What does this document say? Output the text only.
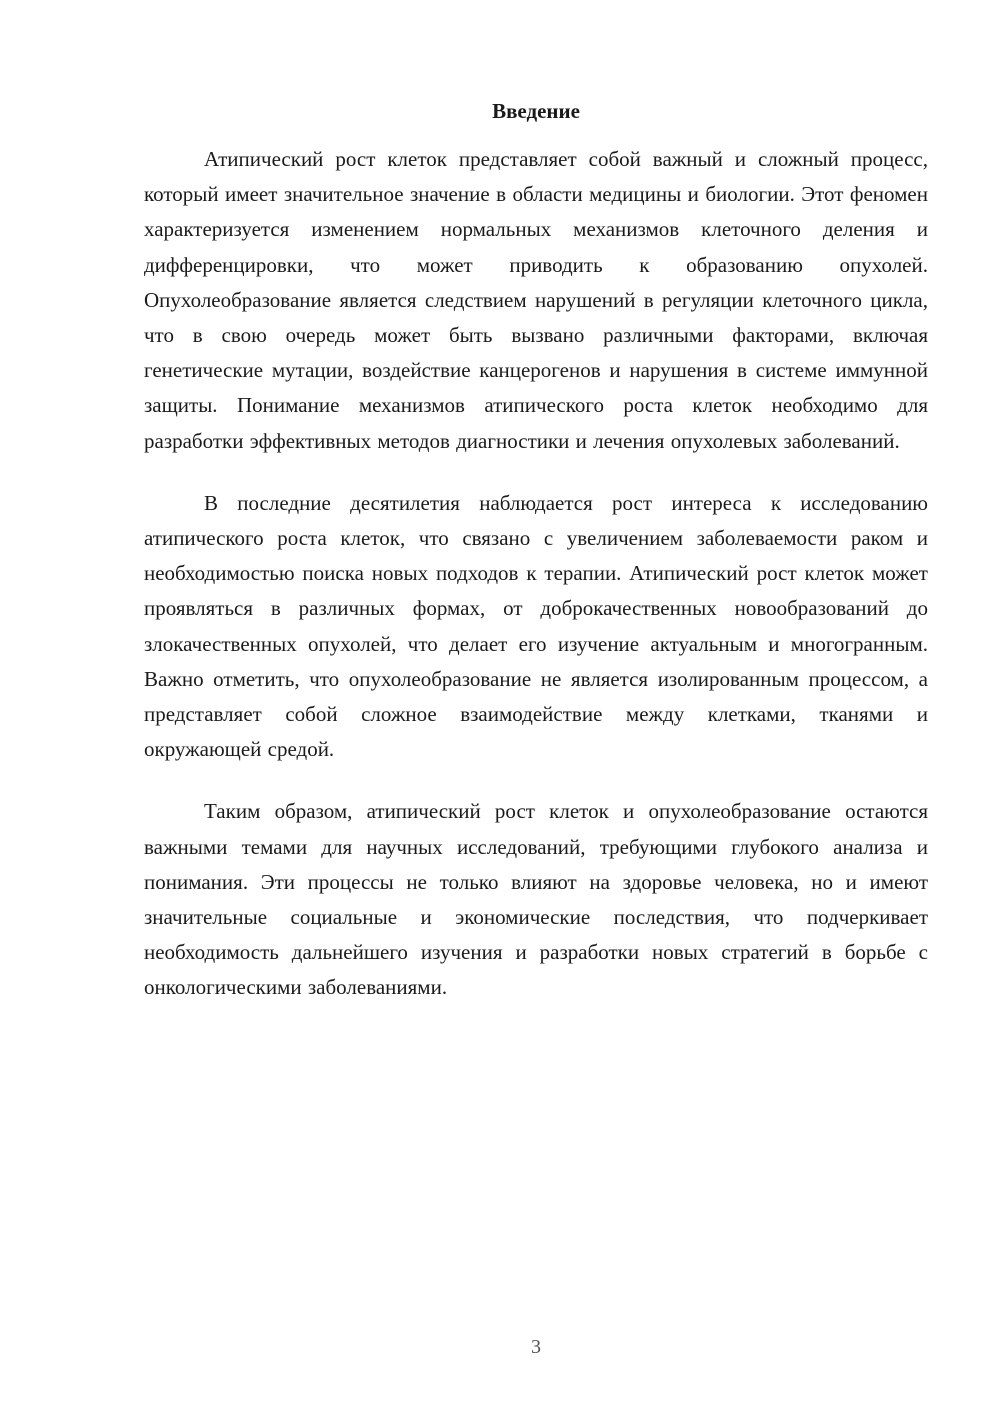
Введение

Атипический рост клеток представляет собой важный и сложный процесс, который имеет значительное значение в области медицины и биологии. Этот феномен характеризуется изменением нормальных механизмов клеточного деления и дифференцировки, что может приводить к образованию опухолей. Опухолеобразование является следствием нарушений в регуляции клеточного цикла, что в свою очередь может быть вызвано различными факторами, включая генетические мутации, воздействие канцерогенов и нарушения в системе иммунной защиты. Понимание механизмов атипического роста клеток необходимо для разработки эффективных методов диагностики и лечения опухолевых заболеваний.

В последние десятилетия наблюдается рост интереса к исследованию атипического роста клеток, что связано с увеличением заболеваемости раком и необходимостью поиска новых подходов к терапии. Атипический рост клеток может проявляться в различных формах, от доброкачественных новообразований до злокачественных опухолей, что делает его изучение актуальным и многогранным. Важно отметить, что опухолеобразование не является изолированным процессом, а представляет собой сложное взаимодействие между клетками, тканями и окружающей средой.

Таким образом, атипический рост клеток и опухолеобразование остаются важными темами для научных исследований, требующими глубокого анализа и понимания. Эти процессы не только влияют на здоровье человека, но и имеют значительные социальные и экономические последствия, что подчеркивает необходимость дальнейшего изучения и разработки новых стратегий в борьбе с онкологическими заболеваниями.

3
